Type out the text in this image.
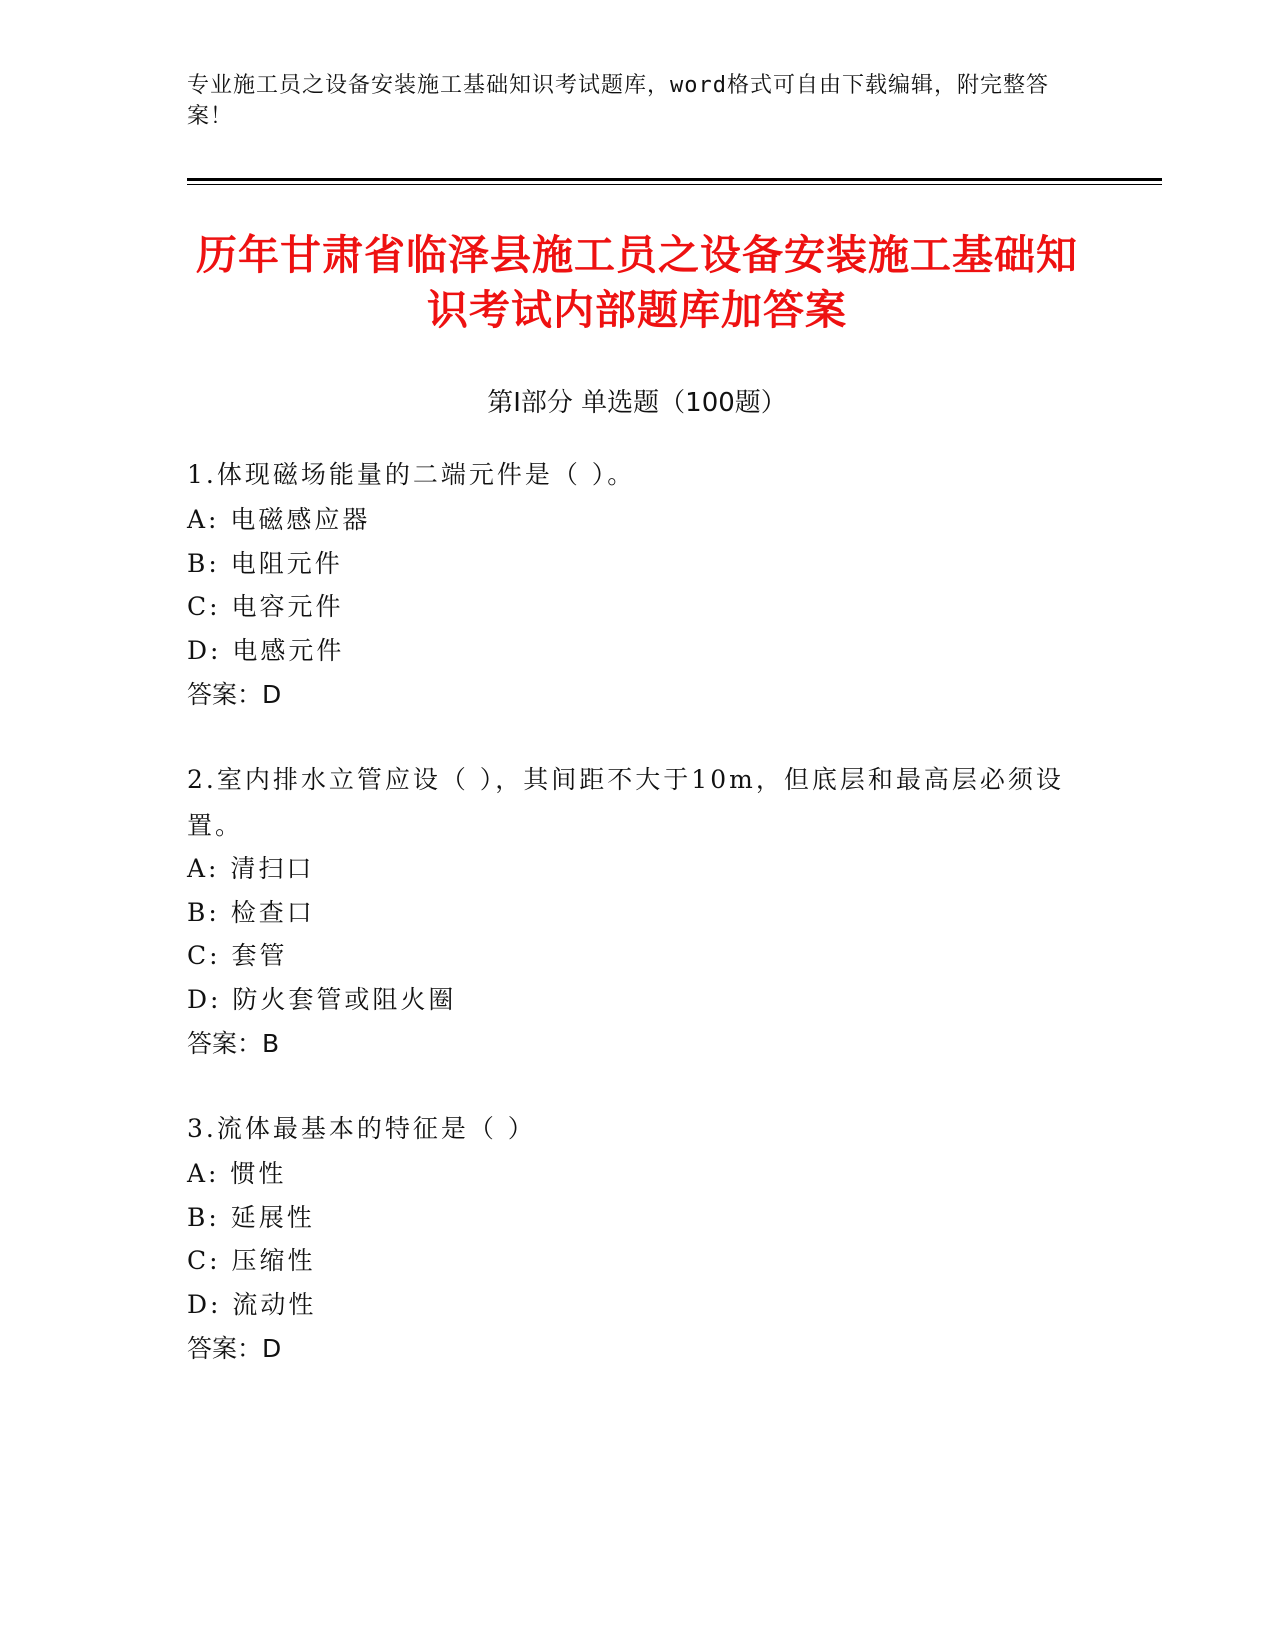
专业施工员之设备安装施工基础知识考试题库，word格式可自由下载编辑，附完整答案！
历年甘肃省临泽县施工员之设备安装施工基础知识考试内部题库加答案
第Ⅰ部分 单选题（100题）
1.体现磁场能量的二端元件是（ ）。
A: 电磁感应器
B: 电阻元件
C: 电容元件
D: 电感元件
答案：D
2.室内排水立管应设（ ），其间距不大于10m，但底层和最高层必须设置。
A: 清扫口
B: 检查口
C: 套管
D: 防火套管或阻火圈
答案：B
3.流体最基本的特征是（ ）
A: 惯性
B: 延展性
C: 压缩性
D: 流动性
答案：D
